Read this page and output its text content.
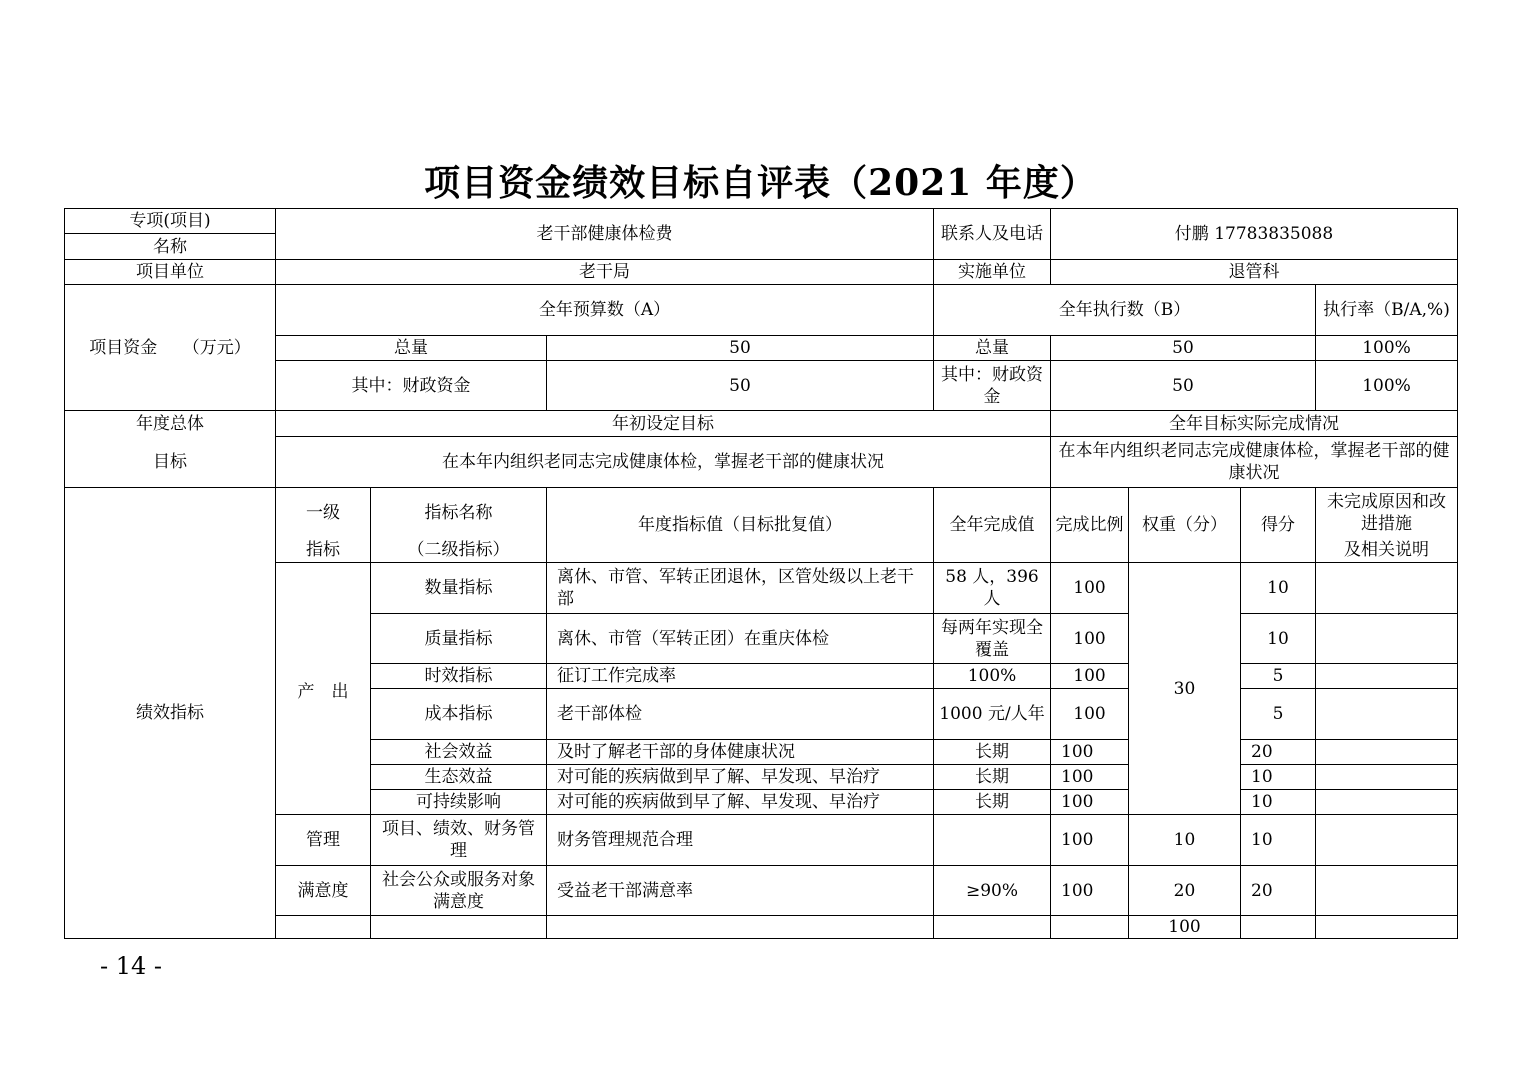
项目资金绩效目标自评表（2021 年度）
专项(项目)	老干部健康体检费			联系人及电话	付鹏 17783835088			
名称								
项目单位	老干局			实施单位	退管科			
项目资金　　（万元）	全年预算数（A）			全年执行数（B）				执行率（B/A,%)
	总量		50	总量	50			100%
	其中：财政资金		50	其中：财政资金	50			100%
年度总体	年初设定目标				全年目标实际完成情况			
目标	在本年内组织老同志完成健康体检，掌握老干部的健康状况				在本年内组织老同志完成健康体检，掌握老干部的健康状况			
绩效指标	一级	指标名称	年度指标值（目标批复值）	全年完成值	完成比例	权重（分）	得分	未完成原因和改进措施
	指标	（二级指标）						及相关说明
	产　出	数量指标	离休、市管、军转正团退休，区管处级以上老干部	58 人，396 人	100	30	10	
		质量指标	离休、市管（军转正团）在重庆体检	每两年实现全覆盖	100		10	
		时效指标	征订工作完成率	100%	100		5	
		成本指标	老干部体检	1000 元/人年	100		5	
		社会效益	及时了解老干部的身体健康状况	长期	100		20	
		生态效益	对可能的疾病做到早了解、早发现、早治疗	长期	100		10	
		可持续影响	对可能的疾病做到早了解、早发现、早治疗	长期	100		10	
	管理	项目、绩效、财务管理	财务管理规范合理		100	10	10	
	满意度	社会公众或服务对象满意度	受益老干部满意率	≥90%	100	20	20	
						100		
- 14 -
